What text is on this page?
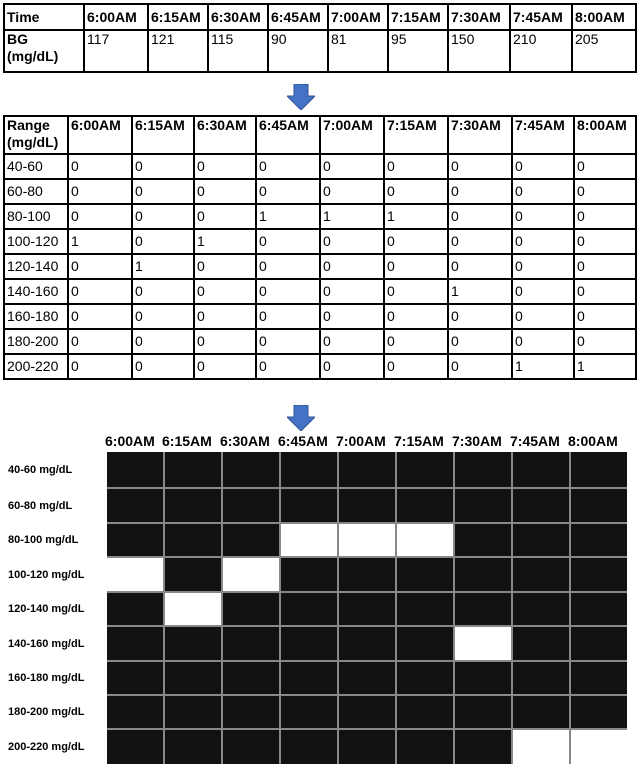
Time	6:00AM	6:15AM	6:30AM	6:45AM	7:00AM	7:15AM	7:30AM	7:45AM	8:00AM
BG (mg/dL)	117	121	115	90	81	95	150	210	205
Range (mg/dL)	6:00AM	6:15AM	6:30AM	6:45AM	7:00AM	7:15AM	7:30AM	7:45AM	8:00AM
40-60	0	0	0	0	0	0	0	0	0
60-80	0	0	0	0	0	0	0	0	0
80-100	0	0	0	1	1	1	0	0	0
100-120	1	0	1	0	0	0	0	0	0
120-140	0	1	0	0	0	0	0	0	0
140-160	0	0	0	0	0	0	1	0	0
160-180	0	0	0	0	0	0	0	0	0
180-200	0	0	0	0	0	0	0	0	0
200-220	0	0	0	0	0	0	0	1	1
6:00AM 6:15AM 6:30AM 6:45AM 7:00AM 7:15AM 7:30AM 7:45AM 8:00AM
40-60 mg/dL
60-80 mg/dL
80-100 mg/dL
100-120 mg/dL
120-140 mg/dL
140-160 mg/dL
160-180 mg/dL
180-200 mg/dL
200-220 mg/dL
